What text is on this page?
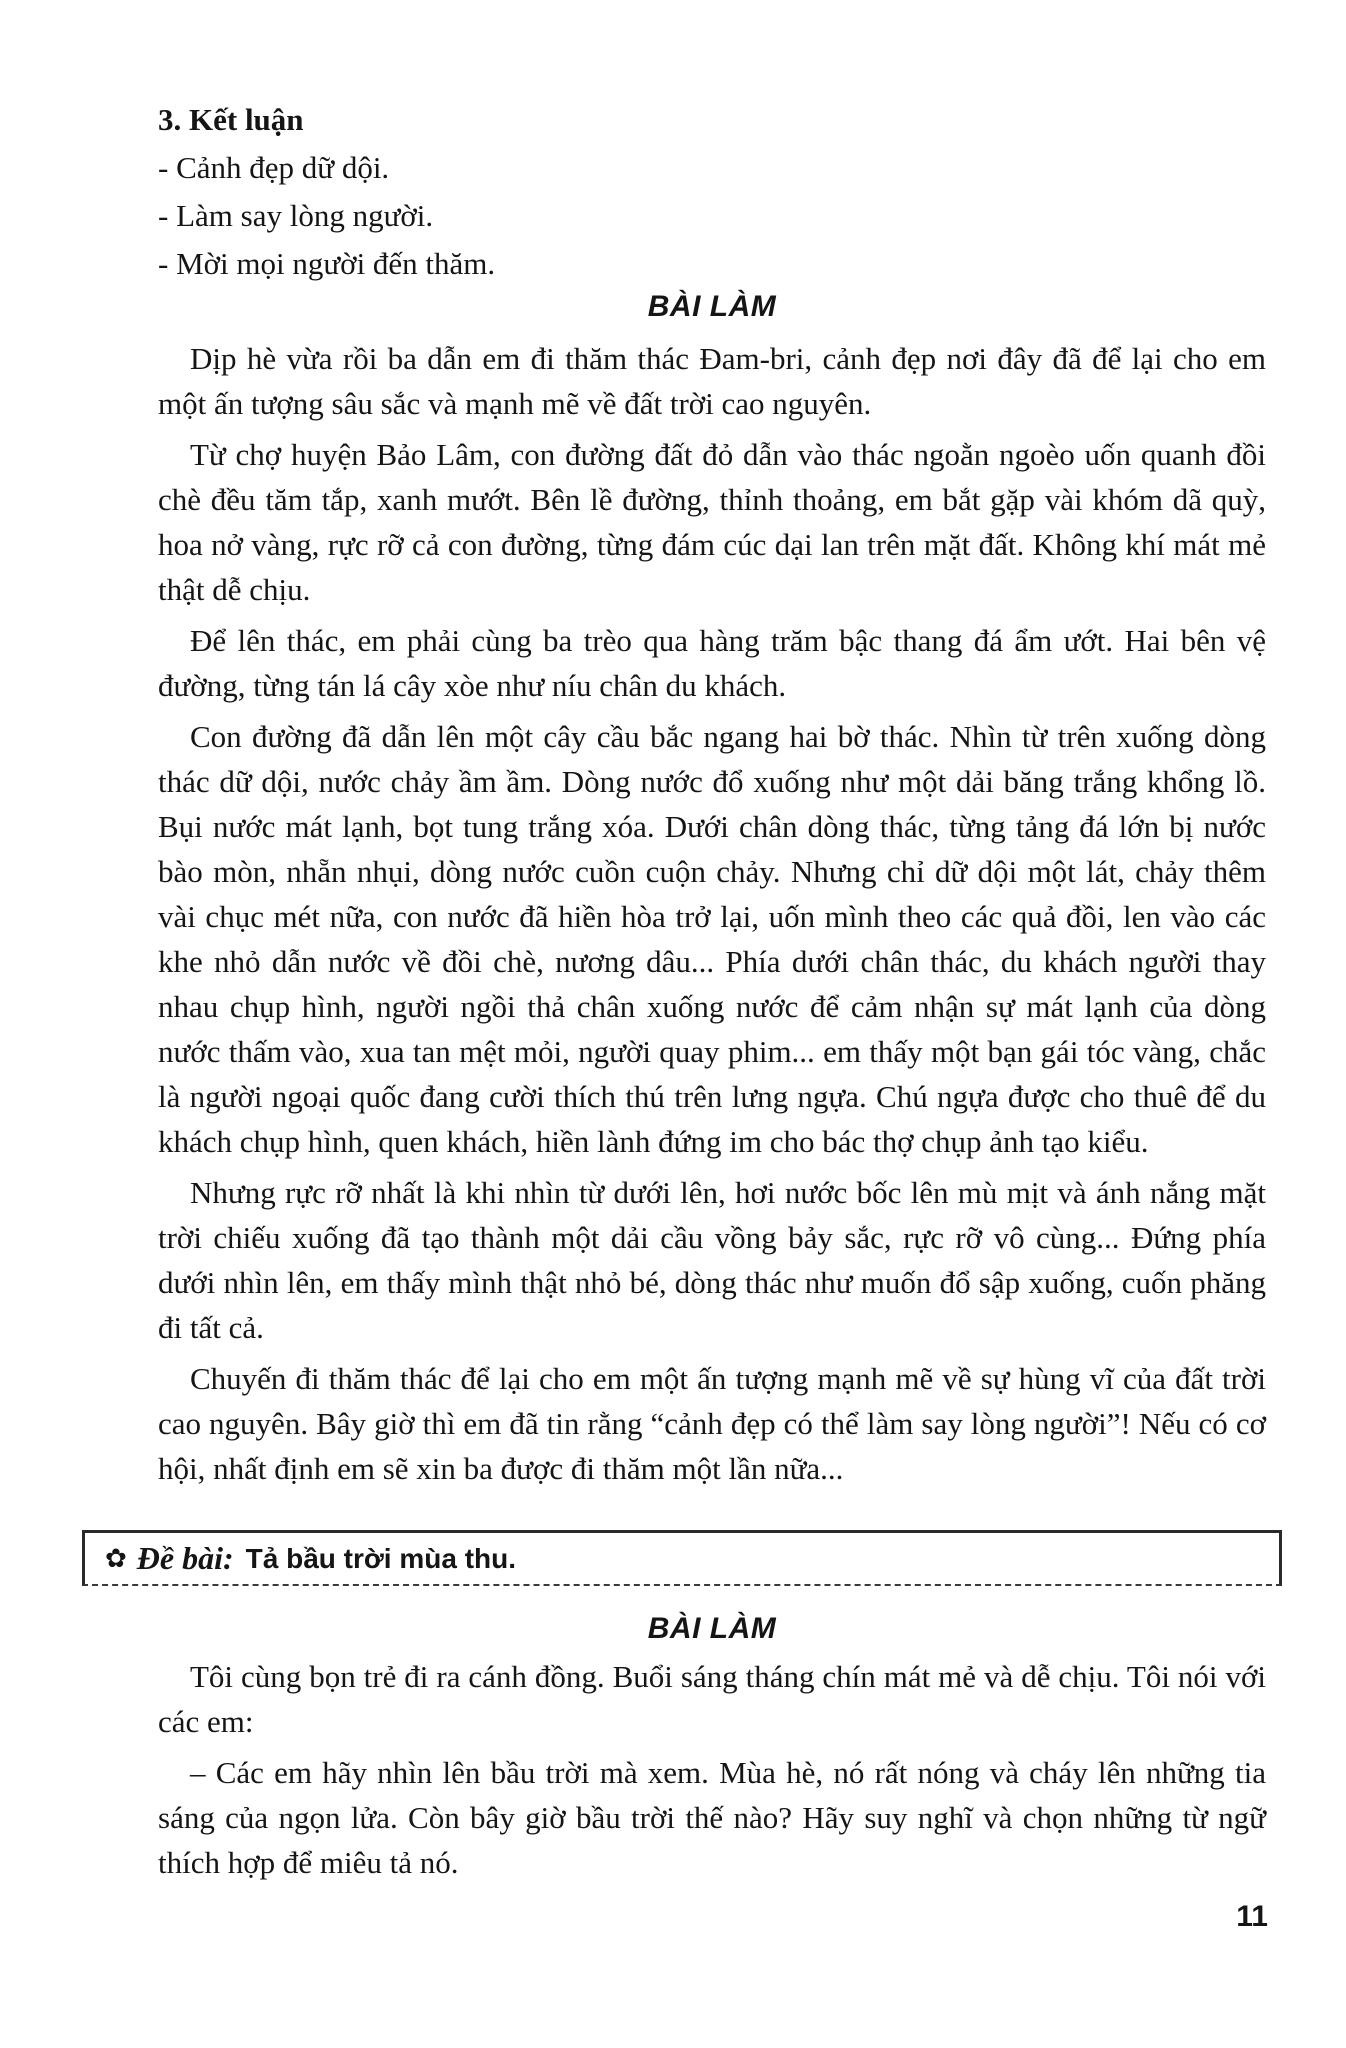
3. Kết luận

- Cảnh đẹp dữ dội.

- Làm say lòng người.

- Mời mọi người đến thăm.

BÀI LÀM

Dịp hè vừa rồi ba dẫn em đi thăm thác Đam-bri, cảnh đẹp nơi đây đã để lại cho em một ấn tượng sâu sắc và mạnh mẽ về đất trời cao nguyên.

Từ chợ huyện Bảo Lâm, con đường đất đỏ dẫn vào thác ngoằn ngoèo uốn quanh đồi chè đều tăm tắp, xanh mướt. Bên lề đường, thỉnh thoảng, em bắt gặp vài khóm dã quỳ, hoa nở vàng, rực rỡ cả con đường, từng đám cúc dại lan trên mặt đất. Không khí mát mẻ thật dễ chịu.

Để lên thác, em phải cùng ba trèo qua hàng trăm bậc thang đá ẩm ướt. Hai bên vệ đường, từng tán lá cây xòe như níu chân du khách.

Con đường đã dẫn lên một cây cầu bắc ngang hai bờ thác. Nhìn từ trên xuống dòng thác dữ dội, nước chảy ầm ầm. Dòng nước đổ xuống như một dải băng trắng khổng lồ. Bụi nước mát lạnh, bọt tung trắng xóa. Dưới chân dòng thác, từng tảng đá lớn bị nước bào mòn, nhẵn nhụi, dòng nước cuồn cuộn chảy. Nhưng chỉ dữ dội một lát, chảy thêm vài chục mét nữa, con nước đã hiền hòa trở lại, uốn mình theo các quả đồi, len vào các khe nhỏ dẫn nước về đồi chè, nương dâu... Phía dưới chân thác, du khách người thay nhau chụp hình, người ngồi thả chân xuống nước để cảm nhận sự mát lạnh của dòng nước thấm vào, xua tan mệt mỏi, người quay phim... em thấy một bạn gái tóc vàng, chắc là người ngoại quốc đang cười thích thú trên lưng ngựa. Chú ngựa được cho thuê để du khách chụp hình, quen khách, hiền lành đứng im cho bác thợ chụp ảnh tạo kiểu.

Nhưng rực rỡ nhất là khi nhìn từ dưới lên, hơi nước bốc lên mù mịt và ánh nắng mặt trời chiếu xuống đã tạo thành một dải cầu vồng bảy sắc, rực rỡ vô cùng... Đứng phía dưới nhìn lên, em thấy mình thật nhỏ bé, dòng thác như muốn đổ sập xuống, cuốn phăng đi tất cả.

Chuyến đi thăm thác để lại cho em một ấn tượng mạnh mẽ về sự hùng vĩ của đất trời cao nguyên. Bây giờ thì em đã tin rằng “cảnh đẹp có thể làm say lòng người”! Nếu có cơ hội, nhất định em sẽ xin ba được đi thăm một lần nữa...

✿ Đề bài: Tả bầu trời mùa thu.

BÀI LÀM

Tôi cùng bọn trẻ đi ra cánh đồng. Buổi sáng tháng chín mát mẻ và dễ chịu. Tôi nói với các em:

– Các em hãy nhìn lên bầu trời mà xem. Mùa hè, nó rất nóng và cháy lên những tia sáng của ngọn lửa. Còn bây giờ bầu trời thế nào? Hãy suy nghĩ và chọn những từ ngữ thích hợp để miêu tả nó.

11
